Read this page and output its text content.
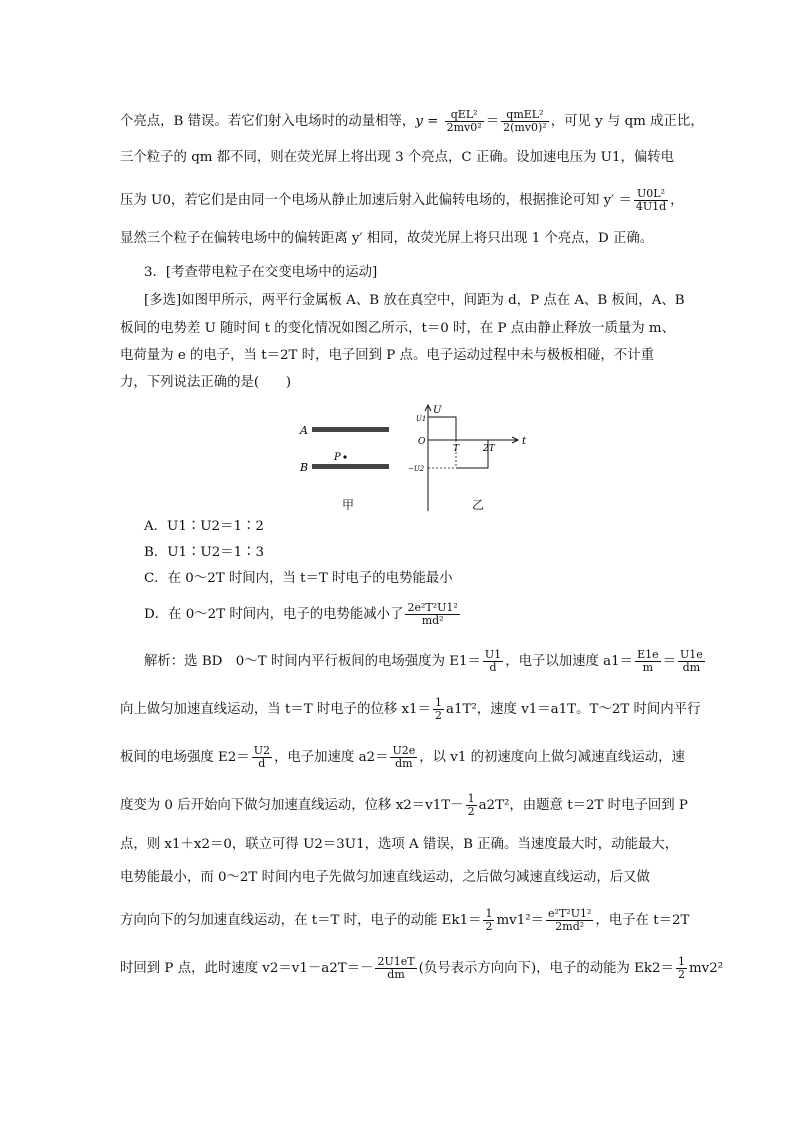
个亮点，B 错误。若它们射入电场时的动量相等，$y = \frac{\text{qEL²}}{\text{2mv0²}} = \frac{\text{qmEL²}}{\text{2(mv0)²}}$ ，可见 y 与 qm 成正比，
三个粒子的 qm 都不同，则在荧光屏上将出现 3 个亮点，C 正确。设加速电压为 U1，偏转电
压为 U0，若它们是由同一个电场从静止加速后射入此偏转电场的，根据推论可知 $y' = \frac{\text{U0L²}}{4U1d}$ ，
显然三个粒子在偏转电场中的偏转距离 y′ 相同，故荧光屏上将只出现 1 个亮点，D 正确。
3．[考查带电粒子在交变电场中的运动]
[多选]如图甲所示，两平行金属板 A、B 放在真空中，间距为 d，P 点在 A、B 板间，A、B
板间的电势差 U 随时间 t 的变化情况如图乙所示，t＝0 时，在 P 点由静止释放一质量为 m、
电荷量为 e 的电子，当 t＝2T 时，电子回到 P 点。电子运动过程中未与极板相碰，不计重
力，下列说法正确的是(　　)
A
B
P
U
t
O
U1
−U2
T	2T
甲	乙
A．U1∶U2＝1∶2
B．U1∶U2＝1∶3
C．在 0～2T 时间内，当 t＝T 时电子的电势能最小
D．在 0～2T 时间内，电子的电势能减小了 $\frac{\text{2e²T²U1²}}{\text{md²}}$
解析：选 BD　0～T 时间内平行板间的电场强度为 $E1= \frac{U1}{d}$ ，电子以加速度 $a1= \frac{E1e}{m} = \frac{U1e}{dm}$
向上做匀加速直线运动，当 t＝T 时电子的位移 $x1= \frac{1}{2} a1T^2$，速度 v1＝a1T。T～2T 时间内平行
板间的电场强度 $E2= \frac{U2}{d}$ ，电子加速度 $a2= \frac{U2e}{dm}$ ，以 v1 的初速度向上做匀减速直线运动，速
度变为 0 后开始向下做匀加速直线运动，位移 $x2=v1T- \frac{1}{2} a2T^2$，由题意 t＝2T 时电子回到 P
点，则 x1＋x2＝0，联立可得 U2＝3U1，选项 A 错误，B 正确。当速度最大时，动能最大，
电势能最小，而 0～2T 时间内电子先做匀加速直线运动，之后做匀减速直线运动，后又做
方向向下的匀加速直线运动，在 t＝T 时，电子的动能 $Ek1= \frac{1}{2} mv1^2= \frac{\text{e²T²U1²}}{\text{2md²}}$ ，电子在 t＝2T
时回到 P 点，此时速度 $v2=v1-a2T=- \frac{2U1eT}{dm}$ (负号表示方向向下)，电子的动能为 $Ek2= \frac{1}{2} mv2^2$
